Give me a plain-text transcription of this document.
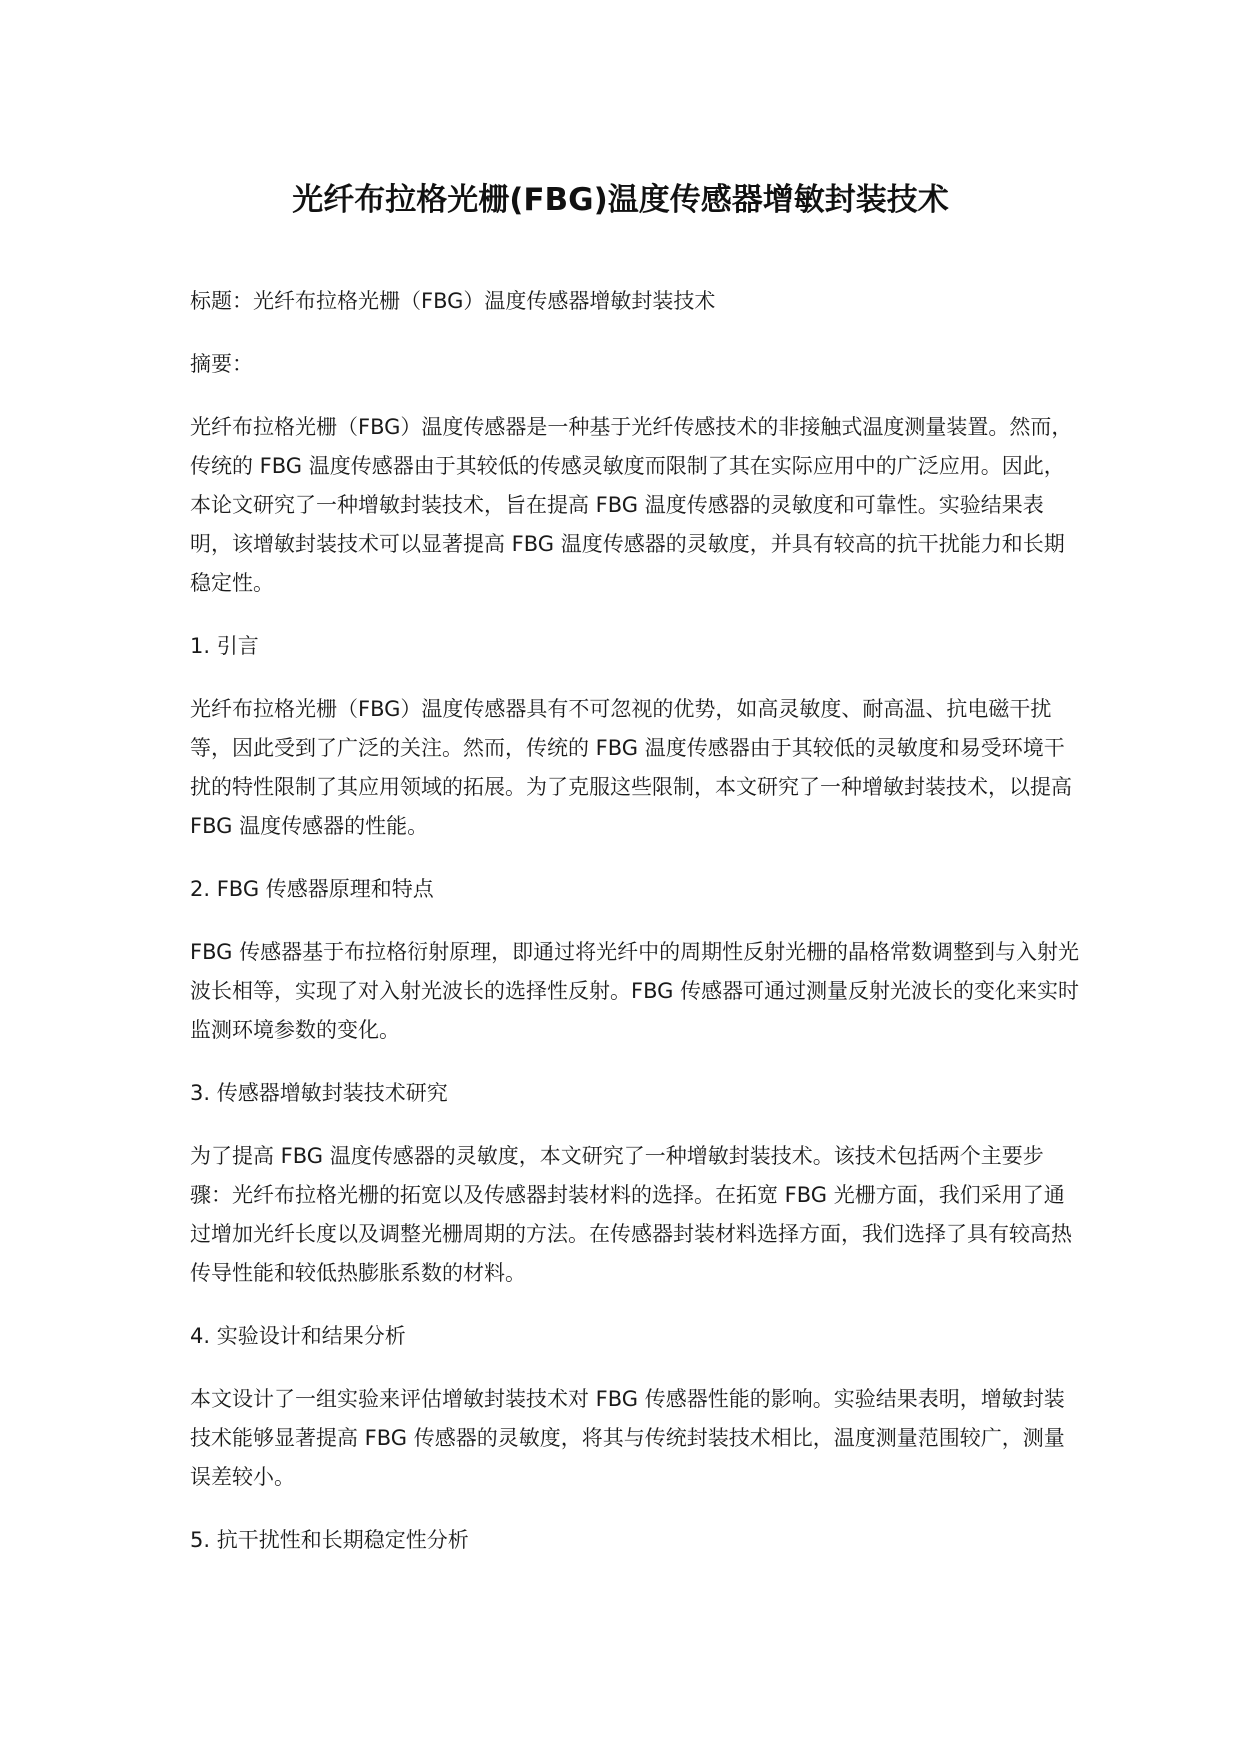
光纤布拉格光栅(FBG)温度传感器增敏封装技术

标题：光纤布拉格光栅（FBG）温度传感器增敏封装技术

摘要：

光纤布拉格光栅（FBG）温度传感器是一种基于光纤传感技术的非接触式温度测量装置。然而，传统的 FBG 温度传感器由于其较低的传感灵敏度而限制了其在实际应用中的广泛应用。因此，本论文研究了一种增敏封装技术，旨在提高 FBG 温度传感器的灵敏度和可靠性。实验结果表明，该增敏封装技术可以显著提高 FBG 温度传感器的灵敏度，并具有较高的抗干扰能力和长期稳定性。

1. 引言

光纤布拉格光栅（FBG）温度传感器具有不可忽视的优势，如高灵敏度、耐高温、抗电磁干扰等，因此受到了广泛的关注。然而，传统的 FBG 温度传感器由于其较低的灵敏度和易受环境干扰的特性限制了其应用领域的拓展。为了克服这些限制，本文研究了一种增敏封装技术，以提高 FBG 温度传感器的性能。

2. FBG 传感器原理和特点

FBG 传感器基于布拉格衍射原理，即通过将光纤中的周期性反射光栅的晶格常数调整到与入射光波长相等，实现了对入射光波长的选择性反射。FBG 传感器可通过测量反射光波长的变化来实时监测环境参数的变化。

3. 传感器增敏封装技术研究

为了提高 FBG 温度传感器的灵敏度，本文研究了一种增敏封装技术。该技术包括两个主要步骤：光纤布拉格光栅的拓宽以及传感器封装材料的选择。在拓宽 FBG 光栅方面，我们采用了通过增加光纤长度以及调整光栅周期的方法。在传感器封装材料选择方面，我们选择了具有较高热传导性能和较低热膨胀系数的材料。

4. 实验设计和结果分析

本文设计了一组实验来评估增敏封装技术对 FBG 传感器性能的影响。实验结果表明，增敏封装技术能够显著提高 FBG 传感器的灵敏度，将其与传统封装技术相比，温度测量范围较广，测量误差较小。

5. 抗干扰性和长期稳定性分析
